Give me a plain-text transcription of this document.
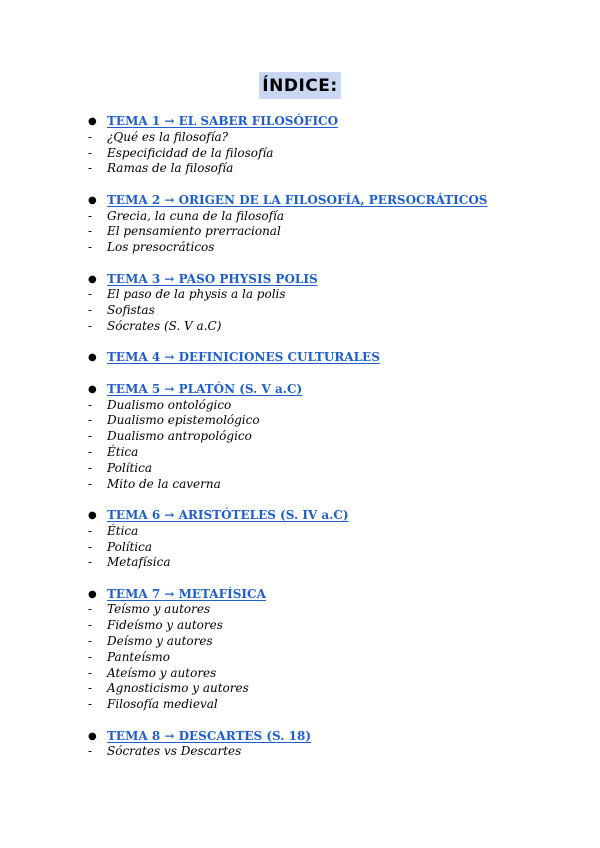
ÍNDICE:
● TEMA 1 → EL SABER FILOSÓFICO
- ¿Qué es la filosofía?
- Especificidad de la filosofía
- Ramas de la filosofía
● TEMA 2 → ORIGEN DE LA FILOSOFÍA, PERSOCRÁTICOS
- Grecia, la cuna de la filosofía
- El pensamiento prerracional
- Los presocráticos
● TEMA 3 → PASO PHYSIS POLIS
- El paso de la physis a la polis
- Sofistas
- Sócrates (S. V a.C)
● TEMA 4 → DEFINICIONES CULTURALES
● TEMA 5 → PLATÓN (S. V a.C)
- Dualismo ontológico
- Dualismo epistemológico
- Dualismo antropológico
- Ética
- Política
- Mito de la caverna
● TEMA 6 → ARISTÓTELES (S. IV a.C)
- Ética
- Política
- Metafísica
● TEMA 7 → METAFÍSICA
- Teísmo y autores
- Fideísmo y autores
- Deísmo y autores
- Panteísmo
- Ateísmo y autores
- Agnosticismo y autores
- Filosofía medieval
● TEMA 8 → DESCARTES (S. 18)
- Sócrates vs Descartes
